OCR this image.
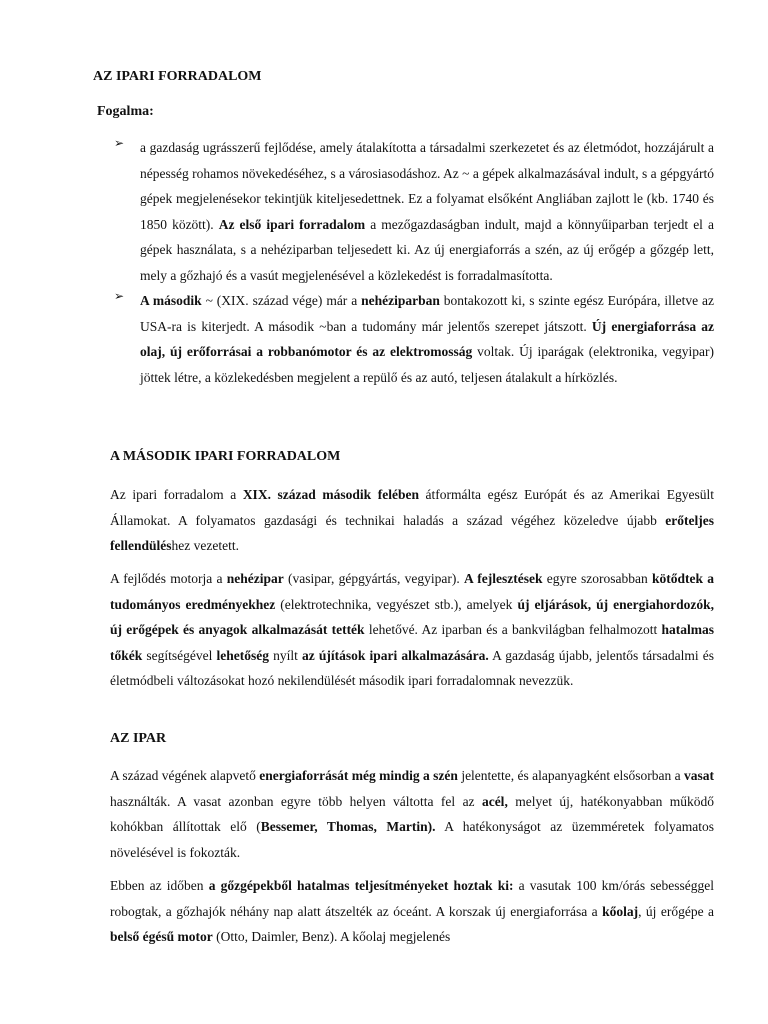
AZ IPARI FORRADALOM

Fogalma:

➢ a gazdaság ugrásszerű fejlődése, amely átalakította a társadalmi szerkezetet és az életmódot, hozzájárult a népesség rohamos növekedéséhez, s a városiasodáshoz. Az ~ a gépek alkalmazásával indult, s a gépgyártó gépek megjelenésekor tekintjük kiteljesedettnek. Ez a folyamat elsőként Angliában zajlott le (kb. 1740 és 1850 között). Az első ipari forradalom a mezőgazdaságban indult, majd a könnyűiparban terjedt el a gépek használata, s a nehéziparban teljesedett ki. Az új energiaforrás a szén, az új erőgép a gőzgép lett, mely a gőzhajó és a vasút megjelenésével a közlekedést is forradalmasította.

➢ A második ~ (XIX. század vége) már a nehéziparban bontakozott ki, s szinte egész Európára, illetve az USA-ra is kiterjedt. A második ~ban a tudomány már jelentős szerepet játszott. Új energiaforrása az olaj, új erőforrásai a robbanómotor és az elektromosság voltak. Új iparágak (elektronika, vegyipar) jöttek létre, a közlekedésben megjelent a repülő és az autó, teljesen átalakult a hírközlés.

A MÁSODIK IPARI FORRADALOM

Az ipari forradalom a XIX. század második felében átformálta egész Európát és az Amerikai Egyesült Államokat. A folyamatos gazdasági és technikai haladás a század végéhez közeledve újabb erőteljes fellendüléshez vezetett.

A fejlődés motorja a nehézipar (vasipar, gépgyártás, vegyipar). A fejlesztések egyre szorosabban kötődtek a tudományos eredményekhez (elektrotechnika, vegyészet stb.), amelyek új eljárások, új energiahordozók, új erőgépek és anyagok alkalmazását tették lehetővé. Az iparban és a bankvilágban felhalmozott hatalmas tőkék segítségével lehetőség nyílt az újítások ipari alkalmazására. A gazdaság újabb, jelentős társadalmi és életmódbeli változásokat hozó nekilendülését második ipari forradalomnak nevezzük.

AZ IPAR

A század végének alapvető energiaforrását még mindig a szén jelentette, és alapanyagként elsősorban a vasat használták. A vasat azonban egyre több helyen váltotta fel az acél, melyet új, hatékonyabban működő kohókban állítottak elő (Bessemer, Thomas, Martin). A hatékonyságot az üzemméretek folyamatos növelésével is fokozták.

Ebben az időben a gőzgépekből hatalmas teljesítményeket hoztak ki: a vasutak 100 km/órás sebességgel robogtak, a gőzhajók néhány nap alatt átszelték az óceánt. A korszak új energiaforrása a kőolaj, új erőgépe a belső égésű motor (Otto, Daimler, Benz). A kőolaj megjelenés
